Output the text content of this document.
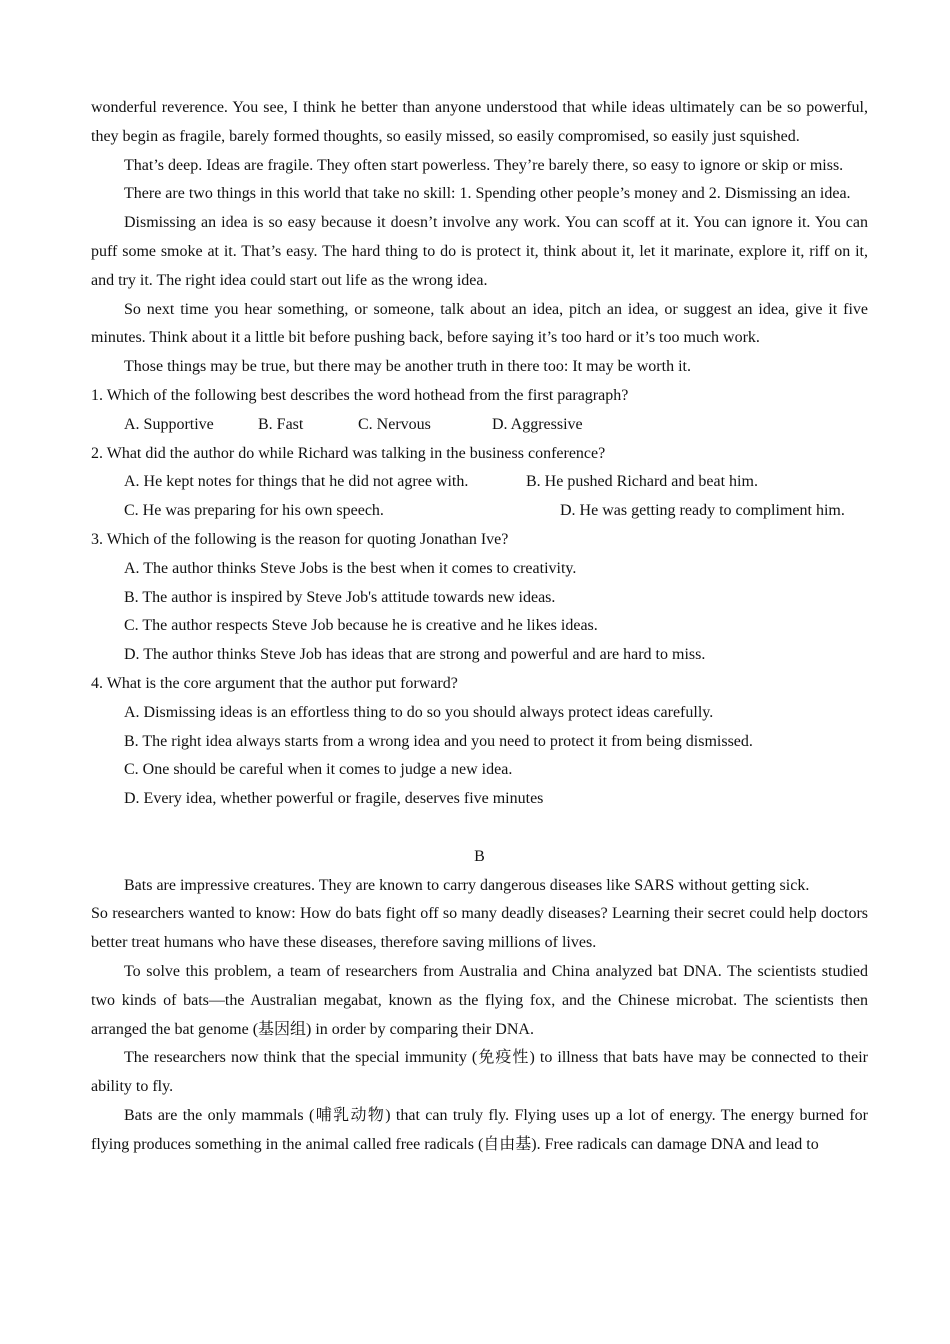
wonderful reverence. You see, I think he better than anyone understood that while ideas ultimately can be so powerful, they begin as fragile, barely formed thoughts, so easily missed, so easily compromised, so easily just squished.

That’s deep. Ideas are fragile. They often start powerless. They’re barely there, so easy to ignore or skip or miss.

There are two things in this world that take no skill: 1. Spending other people’s money and 2. Dismissing an idea.

Dismissing an idea is so easy because it doesn’t involve any work. You can scoff at it. You can ignore it. You can puff some smoke at it. That’s easy. The hard thing to do is protect it, think about it, let it marinate, explore it, riff on it, and try it. The right idea could start out life as the wrong idea.

So next time you hear something, or someone, talk about an idea, pitch an idea, or suggest an idea, give it five minutes. Think about it a little bit before pushing back, before saying it’s too hard or it’s too much work.

Those things may be true, but there may be another truth in there too: It may be worth it.

1. Which of the following best describes the word hothead from the first paragraph?

A. Supportive	B. Fast	C. Nervous	D. Aggressive

2. What did the author do while Richard was talking in the business conference?

A. He kept notes for things that he did not agree with.	B. He pushed Richard and beat him.
C. He was preparing for his own speech.	D. He was getting ready to compliment him.

3. Which of the following is the reason for quoting Jonathan Ive?

A. The author thinks Steve Jobs is the best when it comes to creativity.

B. The author is inspired by Steve Job's attitude towards new ideas.

C. The author respects Steve Job because he is creative and he likes ideas.

D. The author thinks Steve Job has ideas that are strong and powerful and are hard to miss.

4. What is the core argument that the author put forward?

A. Dismissing ideas is an effortless thing to do so you should always protect ideas carefully.

B. The right idea always starts from a wrong idea and you need to protect it from being dismissed.

C. One should be careful when it comes to judge a new idea.

D. Every idea, whether powerful or fragile, deserves five minutes

B

Bats are impressive creatures. They are known to carry dangerous diseases like SARS without getting sick.

So researchers wanted to know: How do bats fight off so many deadly diseases? Learning their secret could help doctors better treat humans who have these diseases, therefore saving millions of lives.

To solve this problem, a team of researchers from Australia and China analyzed bat DNA. The scientists studied two kinds of bats—the Australian megabat, known as the flying fox, and the Chinese microbat. The scientists then arranged the bat genome (基因组) in order by comparing their DNA.

The researchers now think that the special immunity (免疫性) to illness that bats have may be connected to their ability to fly.

Bats are the only mammals (哺乳动物) that can truly fly. Flying uses up a lot of energy. The energy burned for flying produces something in the animal called free radicals (自由基). Free radicals can damage DNA and lead to
